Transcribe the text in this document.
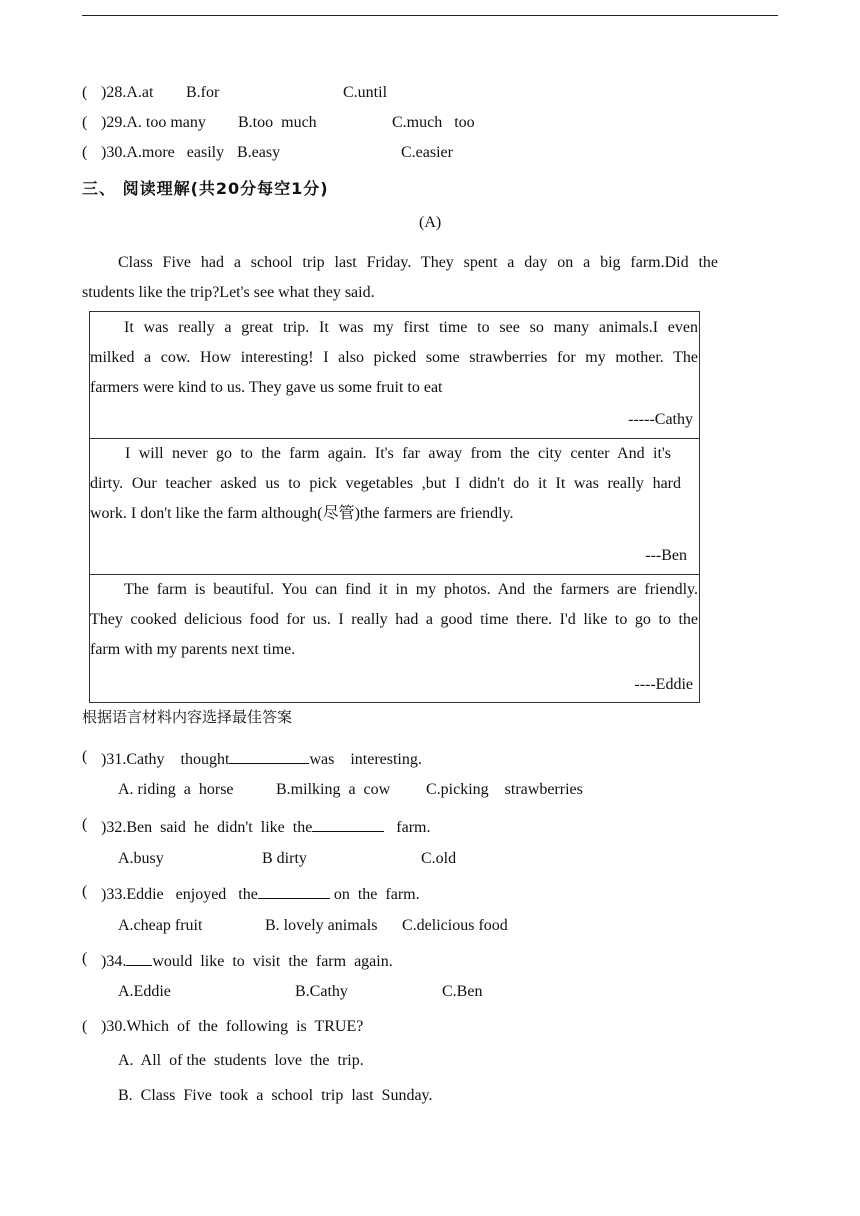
( )28.A.at B.for	C.until
( )29.A. too many B.too  much	C.much   too
( )30.A.more   easily B.easy	C.easier
三、 阅读理解(共20分每空1分)
(A)
Class Five had a school trip last Friday. They spent a day on a big farm.Did the
students like the trip?Let's see what they said.

It was really a great trip. It was my first time to see so many animals.I even

milked a cow. How interesting! I also picked some strawberries for my mother. The

farmers were kind to us. They gave us some fruit to eat

-----Cathy

I will never go to the farm again. It's far away from the city center And it's

dirty. Our teacher asked us to pick vegetables ,but I didn't do it It was really hard

work. I don't like the farm although(尽管)the farmers are friendly.

---Ben

The farm is beautiful. You can find it in my photos. And the farmers are friendly.

They cooked delicious food for us. I really had a good time there. I'd like to go to the

farm with my parents next time.

----Eddie
根据语言材料内容选择最佳答案
( )31.Cathy    thought	was    interesting.
A. riding  a  horse	B.milking  a  cow C.picking    strawberries
( )32.Ben  said  he  didn't  like  the	farm.
A.busy	B dirty	C.old
( )33.Eddie   enjoyed   the	on  the  farm.
A.cheap fruit	B. lovely animals C.delicious food
( )34. would  like  to  visit  the  farm  again.
A.Eddie	B.Cathy	C.Ben
( )30.Which  of  the  following  is  TRUE?
A.  All  of the  students  love  the  trip.
B.  Class  Five  took  a  school  trip  last  Sunday.
